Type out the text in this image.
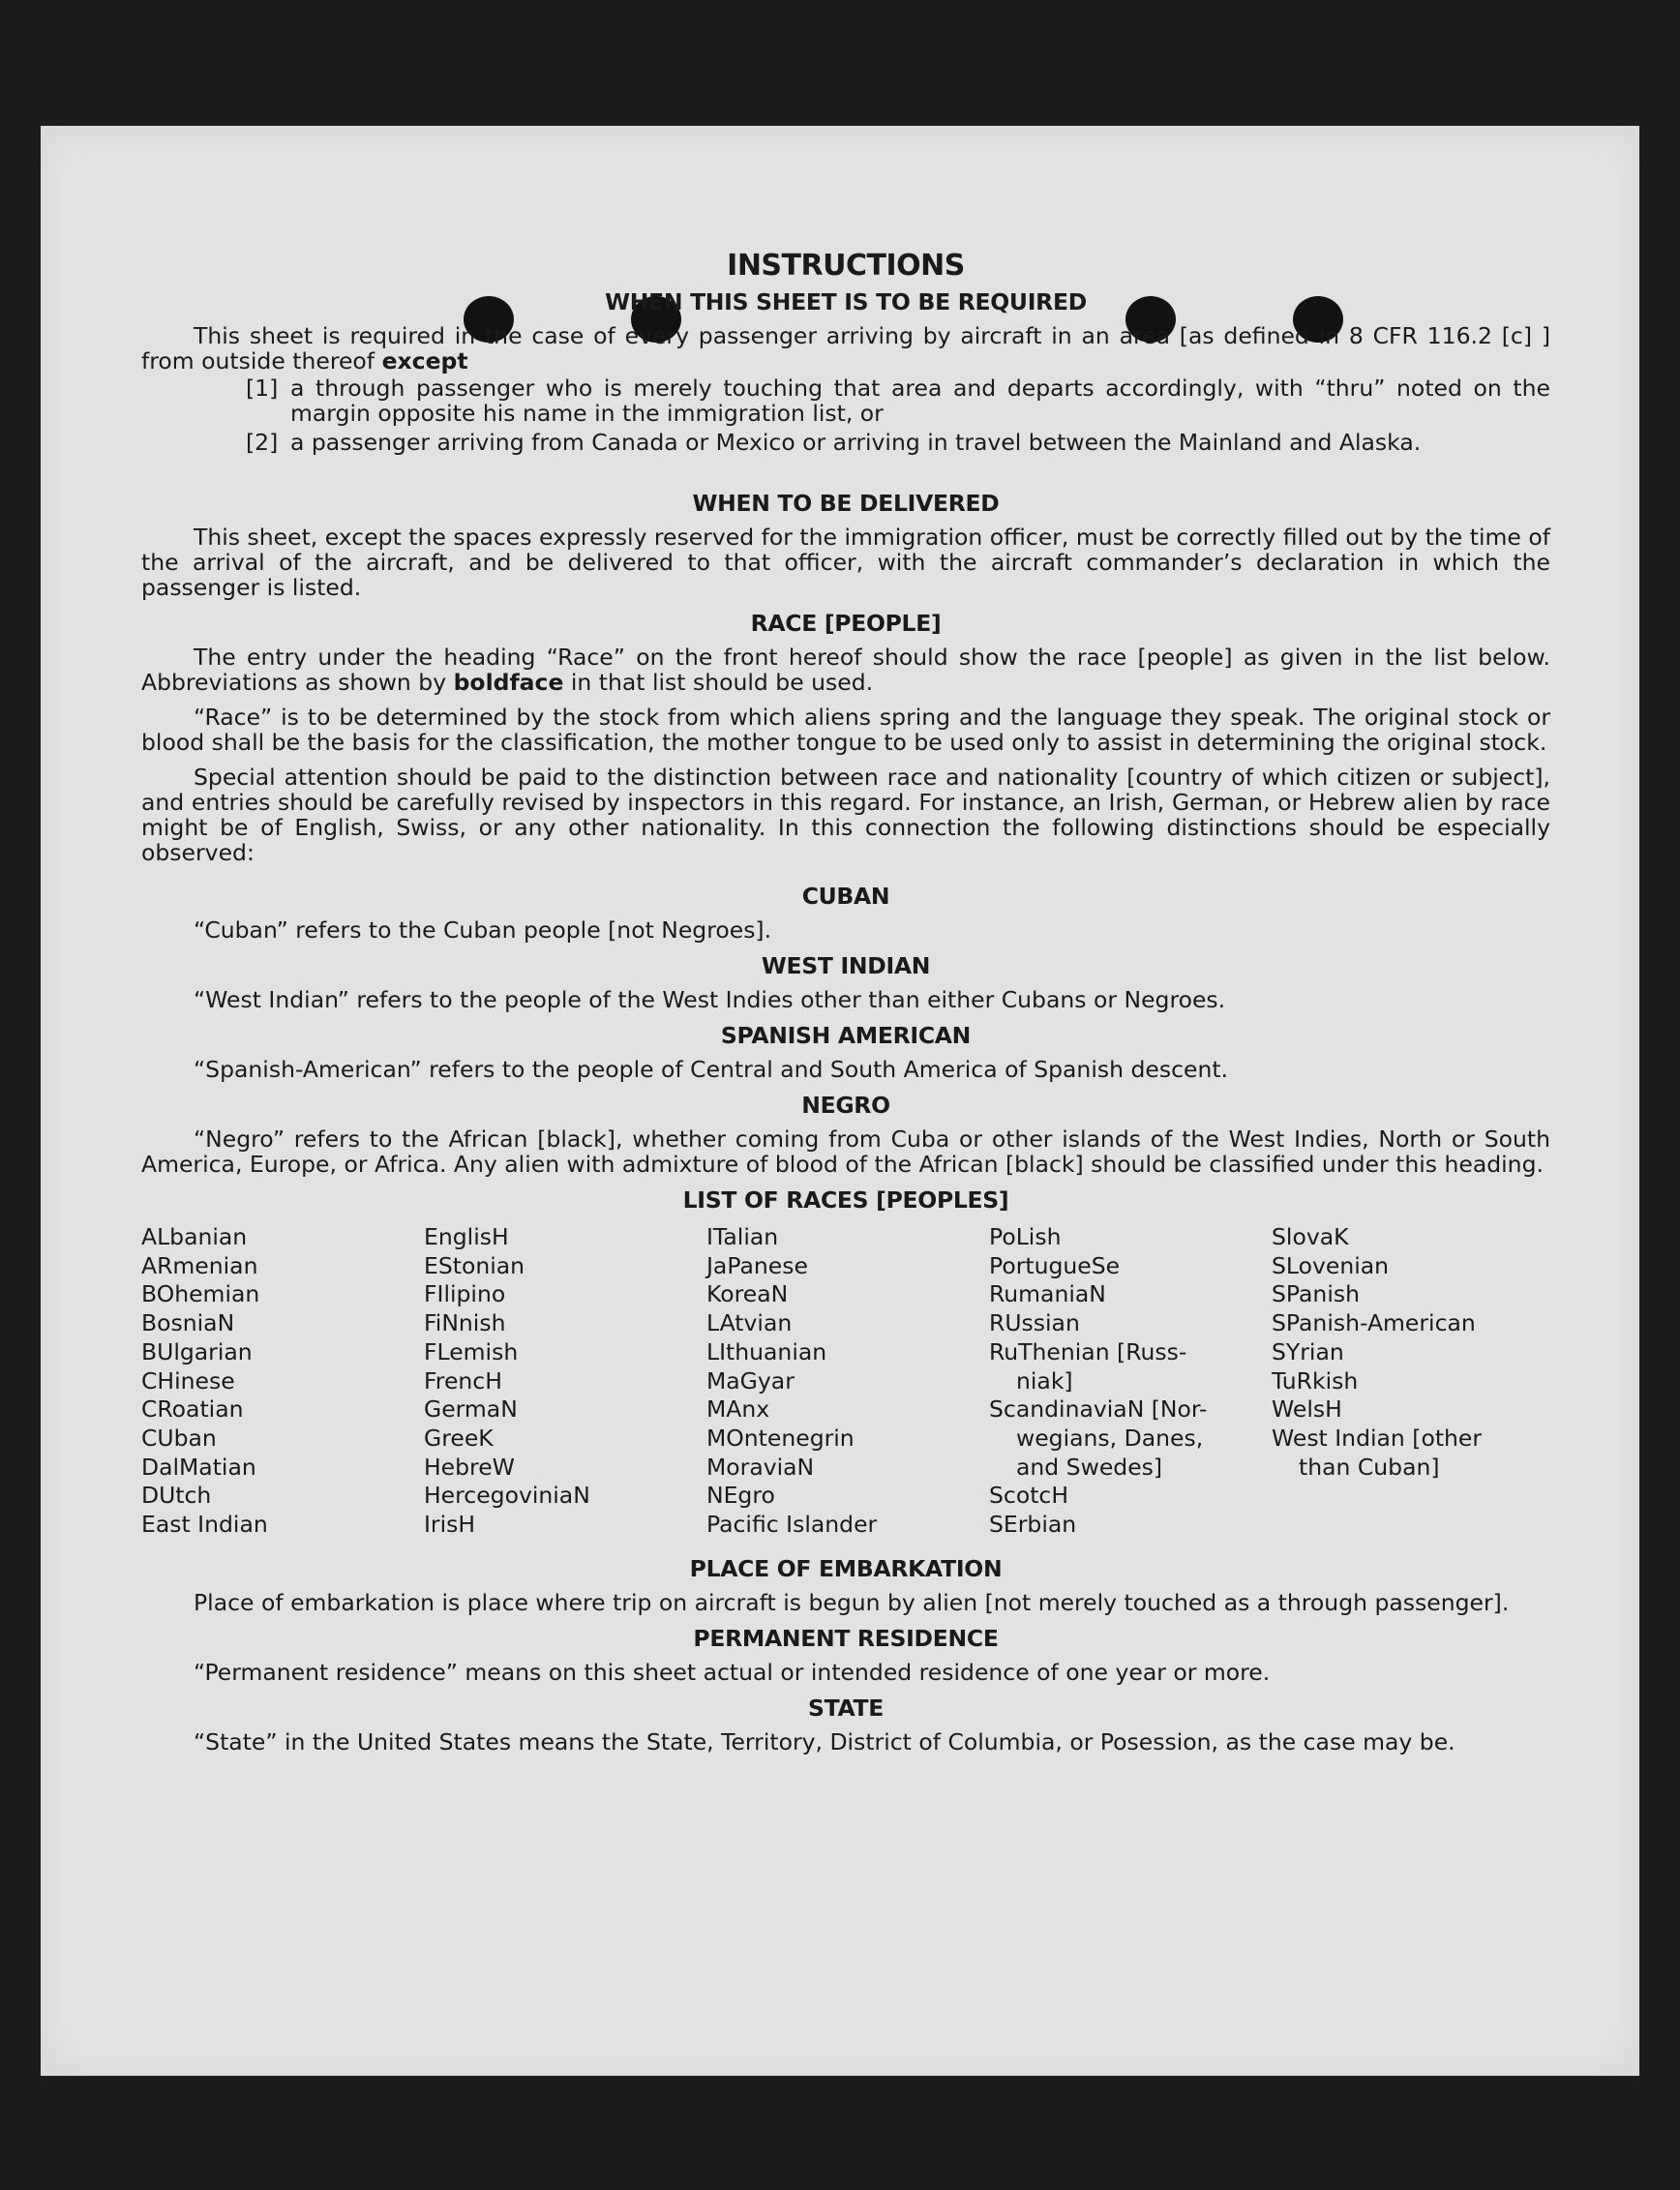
INSTRUCTIONS
WHEN THIS SHEET IS TO BE REQUIRED

This sheet is required in the case of every passenger arriving by aircraft in an area [as defined in 8 CFR 116.2 [c] ] from outside thereof except

[1] a through passenger who is merely touching that area and departs accordingly, with “thru” noted on the margin opposite his name in the immigration list, or
[2] a passenger arriving from Canada or Mexico or arriving in travel between the Mainland and Alaska.
WHEN TO BE DELIVERED

This sheet, except the spaces expressly reserved for the immigration officer, must be correctly filled out by the time of the arrival of the aircraft, and be delivered to that officer, with the aircraft commander’s declaration in which the passenger is listed.

RACE [PEOPLE]

The entry under the heading “Race” on the front hereof should show the race [people] as given in the list below. Abbreviations as shown by boldface in that list should be used.

“Race” is to be determined by the stock from which aliens spring and the language they speak. The original stock or blood shall be the basis for the classification, the mother tongue to be used only to assist in determining the original stock.

Special attention should be paid to the distinction between race and nationality [country of which citizen or subject], and entries should be carefully revised by inspectors in this regard. For instance, an Irish, German, or Hebrew alien by race might be of English, Swiss, or any other nationality. In this connection the following distinctions should be especially observed:

CUBAN

“Cuban” refers to the Cuban people [not Negroes].

WEST INDIAN

“West Indian” refers to the people of the West Indies other than either Cubans or Negroes.

SPANISH AMERICAN

“Spanish-American” refers to the people of Central and South America of Spanish descent.

NEGRO

“Negro” refers to the African [black], whether coming from Cuba or other islands of the West Indies, North or South America, Europe, or Africa. Any alien with admixture of blood of the African [black] should be classified under this heading.

LIST OF RACES [PEOPLES]
ALbanian
ARmenian
BOhemian
BosniaN
BUlgarian
CHinese
CRoatian
CUban
DalMatian
DUtch
East Indian
EnglisH
EStonian
FIlipino
FiNnish
FLemish
FrencH
GermaN
GreeK
HebreW
HercegoviniaN
IrisH
ITalian
JaPanese
KoreaN
LAtvian
LIthuanian
MaGyar
MAnx
MOntenegrin
MoraviaN
NEgro
Pacific Islander
PoLish
PortugueSe
RumaniaN
RUssian
RuThenian [Russ-
niak]
ScandinaviaN [Nor-
wegians, Danes,
and Swedes]
ScotcH
SErbian
SlovaK
SLovenian
SPanish
SPanish-American
SYrian
TuRkish
WelsH
West Indian [other
than Cuban]
PLACE OF EMBARKATION

Place of embarkation is place where trip on aircraft is begun by alien [not merely touched as a through passenger].

PERMANENT RESIDENCE

“Permanent residence” means on this sheet actual or intended residence of one year or more.

STATE

“State” in the United States means the State, Territory, District of Columbia, or Posession, as the case may be.
